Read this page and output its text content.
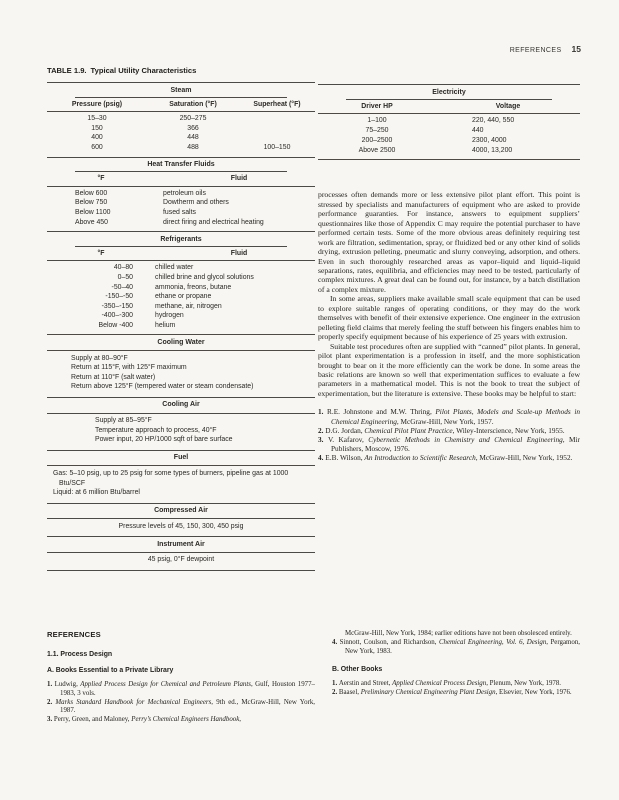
REFERENCES 15
TABLE 1.9. Typical Utility Characteristics
Steam
Pressure (psig)	Saturation (°F)	Superheat (°F)
15–30	250–275
150	366
400	448
600	488	100–150
Heat Transfer Fluids
°F	Fluid
Below 600	petroleum oils
Below 750	Dowtherm and others
Below 1100	fused salts
Above 450	direct firing and electrical heating
Refrigerants
°F	Fluid
40–80	chilled water
0–50	chilled brine and glycol solutions
-50–40	ammonia, freons, butane
-150–-50	ethane or propane
-350–-150	methane, air, nitrogen
-400–-300	hydrogen
Below -400	helium
Cooling Water
Supply at 80–90°F
Return at 115°F, with 125°F maximum
Return at 110°F (salt water)
Return above 125°F (tempered water or steam condensate)
Cooling Air
Supply at 85–95°F
Temperature approach to process, 40°F
Power input, 20 HP/1000 sqft of bare surface
Fuel
Gas: 5–10 psig, up to 25 psig for some types of burners, pipeline gas at 1000 Btu/SCF
Liquid: at 6 million Btu/barrel
Compressed Air
Pressure levels of 45, 150, 300, 450 psig
Instrument Air
45 psig, 0°F dewpoint
Electricity
Driver HP	Voltage
1–100	220, 440, 550
75–250	440
200–2500	2300, 4000
Above 2500	4000, 13,200

processes often demands more or less extensive pilot plant effort. This point is stressed by specialists and manufacturers of equipment who are asked to provide performance guaranties. For instance, answers to equipment suppliers’ questionnaires like those of Appendix C may require the potential purchaser to have performed certain tests. Some of the more obvious areas definitely requiring test work are filtration, sedimentation, spray, or fluidized bed or any other kind of solids drying, extrusion pelleting, pneumatic and slurry conveying, adsorption, and others. Even in such thoroughly researched areas as vapor–liquid and liquid–liquid separations, rates, equilibria, and efficiencies may need to be tested, particularly of complex mixtures. A great deal can be found out, for instance, by a batch distillation of a complex mixture.

In some areas, suppliers make available small scale equipment that can be used to explore suitable ranges of operating conditions, or they may do the work themselves with benefit of their extensive experience. One engineer in the extrusion pelleting field claims that merely feeling the stuff between his fingers enables him to properly specify equipment because of his experience of 25 years with extrusion.

Suitable test procedures often are supplied with “canned” pilot plants. In general, pilot plant experimentation is a profession in itself, and the more sophistication brought to bear on it the more efficiently can the work be done. In some areas the basic relations are known so well that experimentation suffices to evaluate a few parameters in a mathematical model. This is not the book to treat the subject of experimentation, but the literature is extensive. These books may be helpful to start:

1. R.E. Johnstone and M.W. Thring, Pilot Plants, Models and Scale-up Methods in Chemical Engineering, McGraw-Hill, New York, 1957.

2. D.G. Jordan, Chemical Pilot Plant Practice, Wiley-Interscience, New York, 1955.

3. V. Kafarov, Cybernetic Methods in Chemistry and Chemical Engineering, Mir Publishers, Moscow, 1976.

4. E.B. Wilson, An Introduction to Scientific Research, McGraw-Hill, New York, 1952.

REFERENCES
1.1. Process Design
A. Books Essential to a Private Library

1. Ludwig, Applied Process Design for Chemical and Petroleum Plants, Gulf, Houston 1977–1983, 3 vols.

2. Marks Standard Handbook for Mechanical Engineers, 9th ed., McGraw-Hill, New York, 1987.

3. Perry, Green, and Maloney, Perry’s Chemical Engineers Handbook,

McGraw-Hill, New York, 1984; earlier editions have not been obsolesced entirely.

4. Sinnott, Coulson, and Richardson, Chemical Engineering, Vol. 6, Design, Pergamon, New York, 1983.

B. Other Books

1. Aerstin and Street, Applied Chemical Process Design, Plenum, New York, 1978.

2. Baasel, Preliminary Chemical Engineering Plant Design, Elsevier, New York, 1976.
